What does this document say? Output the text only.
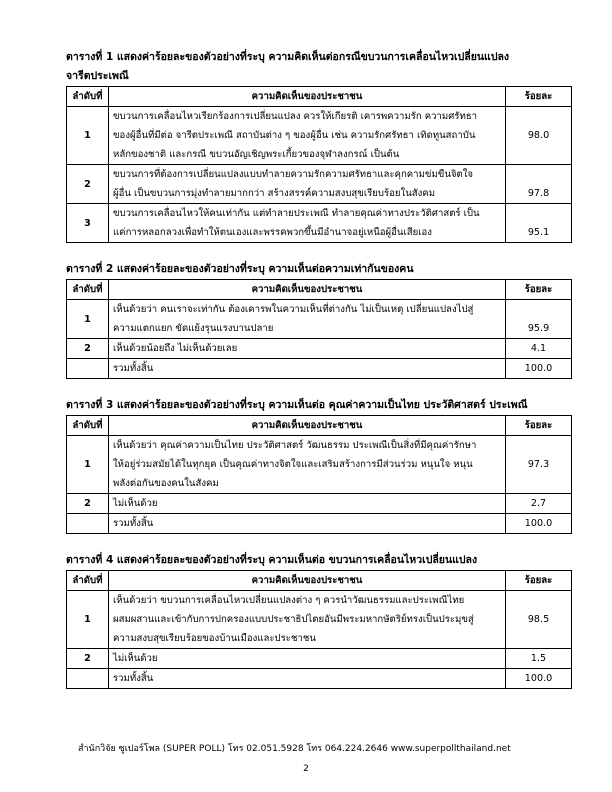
ตารางที่ 1 แสดงค่าร้อยละของตัวอย่างที่ระบุ ความคิดเห็นต่อกรณีขบวนการเคลื่อนไหวเปลี่ยนแปลง

จารีตประเพณี

ลำดับที่	ความคิดเห็นของประชาชน	ร้อยละ
1	ขบวนการเคลื่อนไหวเรียกร้องการเปลี่ยนแปลง ควรให้เกียรติ เคารพความรัก ความศรัทธา
ของผู้อื่นที่มีต่อ จารีตประเพณี สถาบันต่าง ๆ ของผู้อื่น เช่น ความรักศรัทธา เทิดทูนสถาบัน
หลักของชาติ และกรณี ขบวนอัญเชิญพระเกี้ยวของจุฬาลงกรณ์ เป็นต้น	98.0
2	ขบวนการที่ต้องการเปลี่ยนแปลงแบบทำลายความรักความศรัทธาและคุกคามข่มขืนจิตใจ
ผู้อื่น เป็นขบวนการมุ่งทำลายมากกว่า สร้างสรรค์ความสงบสุขเรียบร้อยในสังคม	97.8
3	ขบวนการเคลื่อนไหวให้คนเท่ากัน แต่ทำลายประเพณี ทำลายคุณค่าทางประวัติศาสตร์ เป็น
แค่การหลอกลวงเพื่อทำให้ตนเองและพรรคพวกขึ้นมีอำนาจอยู่เหนือผู้อื่นเสียเอง	95.1

ตารางที่ 2 แสดงค่าร้อยละของตัวอย่างที่ระบุ ความเห็นต่อความเท่ากันของคน

ลำดับที่	ความคิดเห็นของประชาชน	ร้อยละ
1	เห็นด้วยว่า คนเราจะเท่ากัน ต้องเคารพในความเห็นที่ต่างกัน ไม่เป็นเหตุ เปลี่ยนแปลงไปสู่
ความแตกแยก ขัดแย้งรุนแรงบานปลาย	95.9
2	เห็นด้วยน้อยถึง ไม่เห็นด้วยเลย	4.1
	รวมทั้งสิ้น	100.0

ตารางที่ 3 แสดงค่าร้อยละของตัวอย่างที่ระบุ ความเห็นต่อ คุณค่าความเป็นไทย ประวัติศาสตร์ ประเพณี

ลำดับที่	ความคิดเห็นของประชาชน	ร้อยละ
1	เห็นด้วยว่า คุณค่าความเป็นไทย ประวัติศาสตร์ วัฒนธรรม ประเพณีเป็นสิ่งที่มีคุณค่ารักษา
ให้อยู่ร่วมสมัยได้ในทุกยุค เป็นคุณค่าทางจิตใจและเสริมสร้างการมีส่วนร่วม หนุนใจ หนุน
พลังต่อกันของคนในสังคม	97.3
2	ไม่เห็นด้วย	2.7
	รวมทั้งสิ้น	100.0

ตารางที่ 4 แสดงค่าร้อยละของตัวอย่างที่ระบุ ความเห็นต่อ ขบวนการเคลื่อนไหวเปลี่ยนแปลง

ลำดับที่	ความคิดเห็นของประชาชน	ร้อยละ
1	เห็นด้วยว่า ขบวนการเคลื่อนไหวเปลี่ยนแปลงต่าง ๆ ควรนำวัฒนธรรมและประเพณีไทย
ผสมผสานและเข้ากับการปกครองแบบประชาธิปไตยอันมีพระมหากษัตริย์ทรงเป็นประมุขสู่
ความสงบสุขเรียบร้อยของบ้านเมืองและประชาชน	98.5
2	ไม่เห็นด้วย	1.5
	รวมทั้งสิ้น	100.0
สำนักวิจัย ซูเปอร์โพล (SUPER POLL) โทร 02.051.5928 โทร 064.224.2646 www.superpollthailand.net
2
